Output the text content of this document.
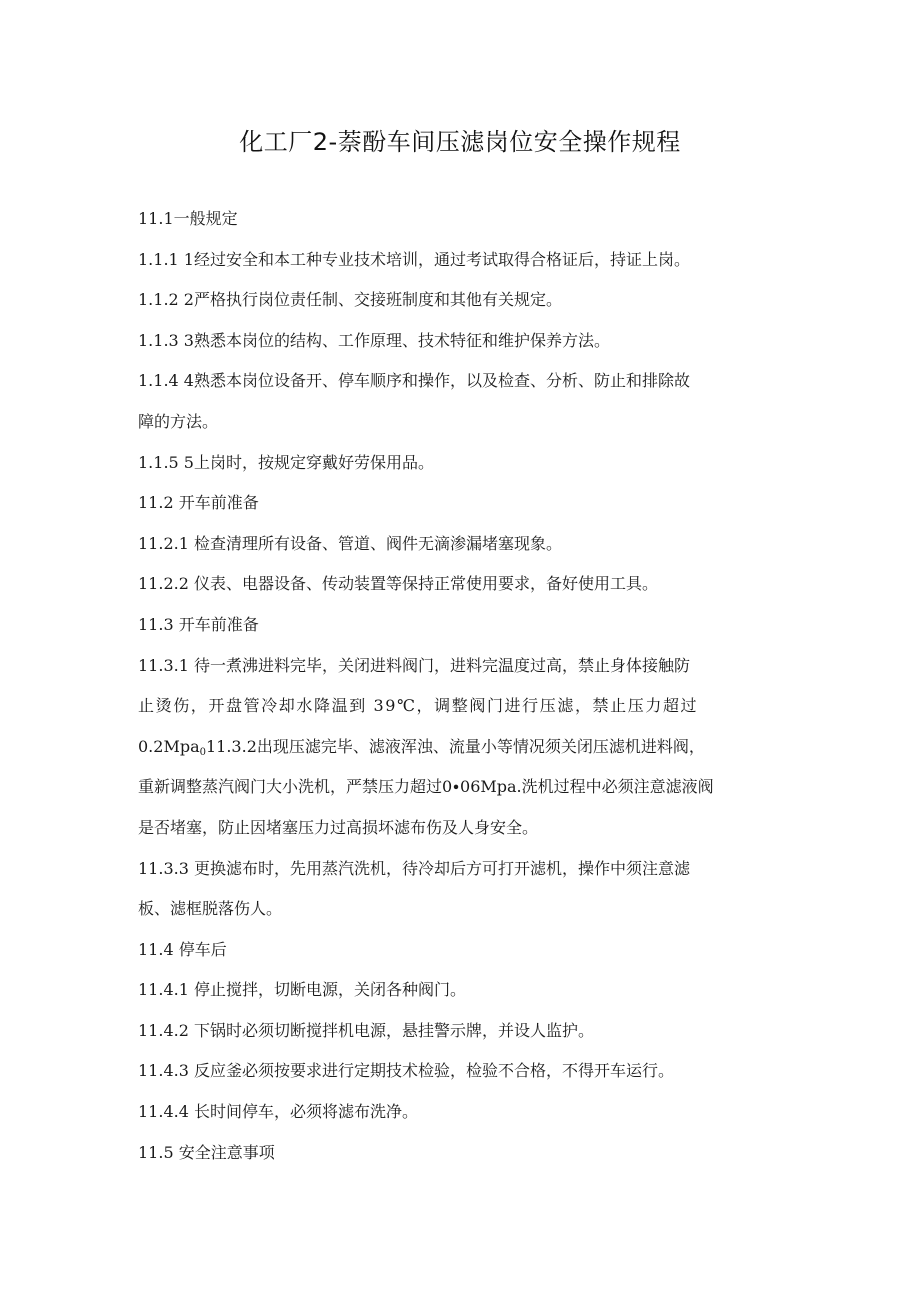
化工厂2-萘酚车间压滤岗位安全操作规程
11.1一般规定
1.1.1 1经过安全和本工种专业技术培训，通过考试取得合格证后，持证上岗。
1.1.2 2严格执行岗位责任制、交接班制度和其他有关规定。
1.1.3 3熟悉本岗位的结构、工作原理、技术特征和维护保养方法。
1.1.4 4熟悉本岗位设备开、停车顺序和操作，以及检查、分析、防止和排除故
障的方法。
1.1.5 5上岗时，按规定穿戴好劳保用品。
11.2 开车前准备
11.2.1 检查清理所有设备、管道、阀件无滴渗漏堵塞现象。
11.2.2 仪表、电器设备、传动装置等保持正常使用要求，备好使用工具。
11.3 开车前准备
11.3.1 待一煮沸进料完毕，关闭进料阀门，进料完温度过高，禁止身体接触防
止烫伤，开盘管冷却水降温到 39℃，调整阀门进行压滤，禁止压力超过
0.2Mpa$_0$11.3.2出现压滤完毕、滤液浑浊、流量小等情况须关闭压滤机进料阀，
重新调整蒸汽阀门大小洗机，严禁压力超过0∙06Mpa.洗机过程中必须注意滤液阀
是否堵塞，防止因堵塞压力过高损坏滤布伤及人身安全。
11.3.3 更换滤布时，先用蒸汽洗机，待冷却后方可打开滤机，操作中须注意滤
板、滤框脱落伤人。
11.4 停车后
11.4.1 停止搅拌，切断电源，关闭各种阀门。
11.4.2 下锅时必须切断搅拌机电源，悬挂警示牌，并设人监护。
11.4.3 反应釜必须按要求进行定期技术检验，检验不合格，不得开车运行。
11.4.4 长时间停车，必须将滤布洗净。
11.5 安全注意事项
